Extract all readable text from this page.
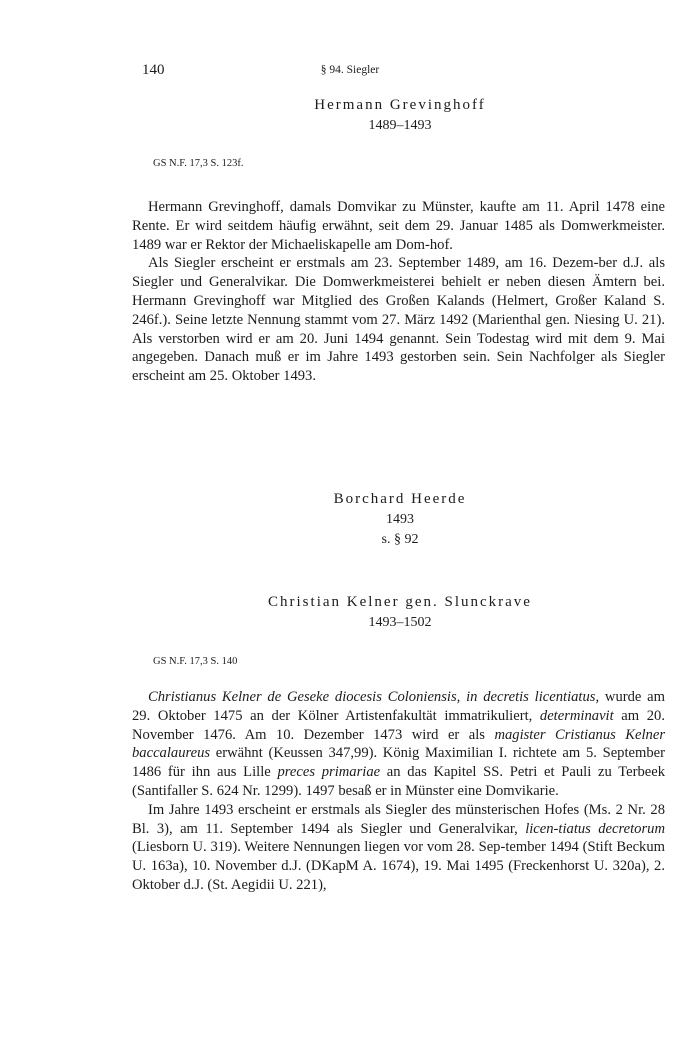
140	§ 94. Siegler
Hermann Grevinghoff
1489–1493
GS N.F. 17,3 S. 123f.

Hermann Grevinghoff, damals Domvikar zu Münster, kaufte am 11. April 1478 eine Rente. Er wird seitdem häufig erwähnt, seit dem 29. Januar 1485 als Domwerkmeister. 1489 war er Rektor der Michaeliskapelle am Dom-hof.

Als Siegler erscheint er erstmals am 23. September 1489, am 16. Dezem-ber d.J. als Siegler und Generalvikar. Die Domwerkmeisterei behielt er neben diesen Ämtern bei. Hermann Grevinghoff war Mitglied des Großen Kalands (Helmert, Großer Kaland S. 246f.). Seine letzte Nennung stammt vom 27. März 1492 (Marienthal gen. Niesing U. 21). Als verstorben wird er am 20. Juni 1494 genannt. Sein Todestag wird mit dem 9. Mai angegeben. Danach muß er im Jahre 1493 gestorben sein. Sein Nachfolger als Siegler erscheint am 25. Oktober 1493.

Borchard Heerde
1493
s. § 92
Christian Kelner gen. Slunckrave
1493–1502
GS N.F. 17,3 S. 140

Christianus Kelner de Geseke diocesis Coloniensis, in decretis licentiatus, wurde am 29. Oktober 1475 an der Kölner Artistenfakultät immatrikuliert, determinavit am 20. November 1476. Am 10. Dezember 1473 wird er als magister Cristianus Kelner baccalaureus erwähnt (Keussen 347,99). König Maximilian I. richtete am 5. September 1486 für ihn aus Lille preces primariae an das Kapitel SS. Petri et Pauli zu Terbeek (Santifaller S. 624 Nr. 1299). 1497 besaß er in Münster eine Domvikarie.

Im Jahre 1493 erscheint er erstmals als Siegler des münsterischen Hofes (Ms. 2 Nr. 28 Bl. 3), am 11. September 1494 als Siegler und Generalvikar, licen-tiatus decretorum (Liesborn U. 319). Weitere Nennungen liegen vor vom 28. Sep-tember 1494 (Stift Beckum U. 163a), 10. November d.J. (DKapM A. 1674), 19. Mai 1495 (Freckenhorst U. 320a), 2. Oktober d.J. (St. Aegidii U. 221),
